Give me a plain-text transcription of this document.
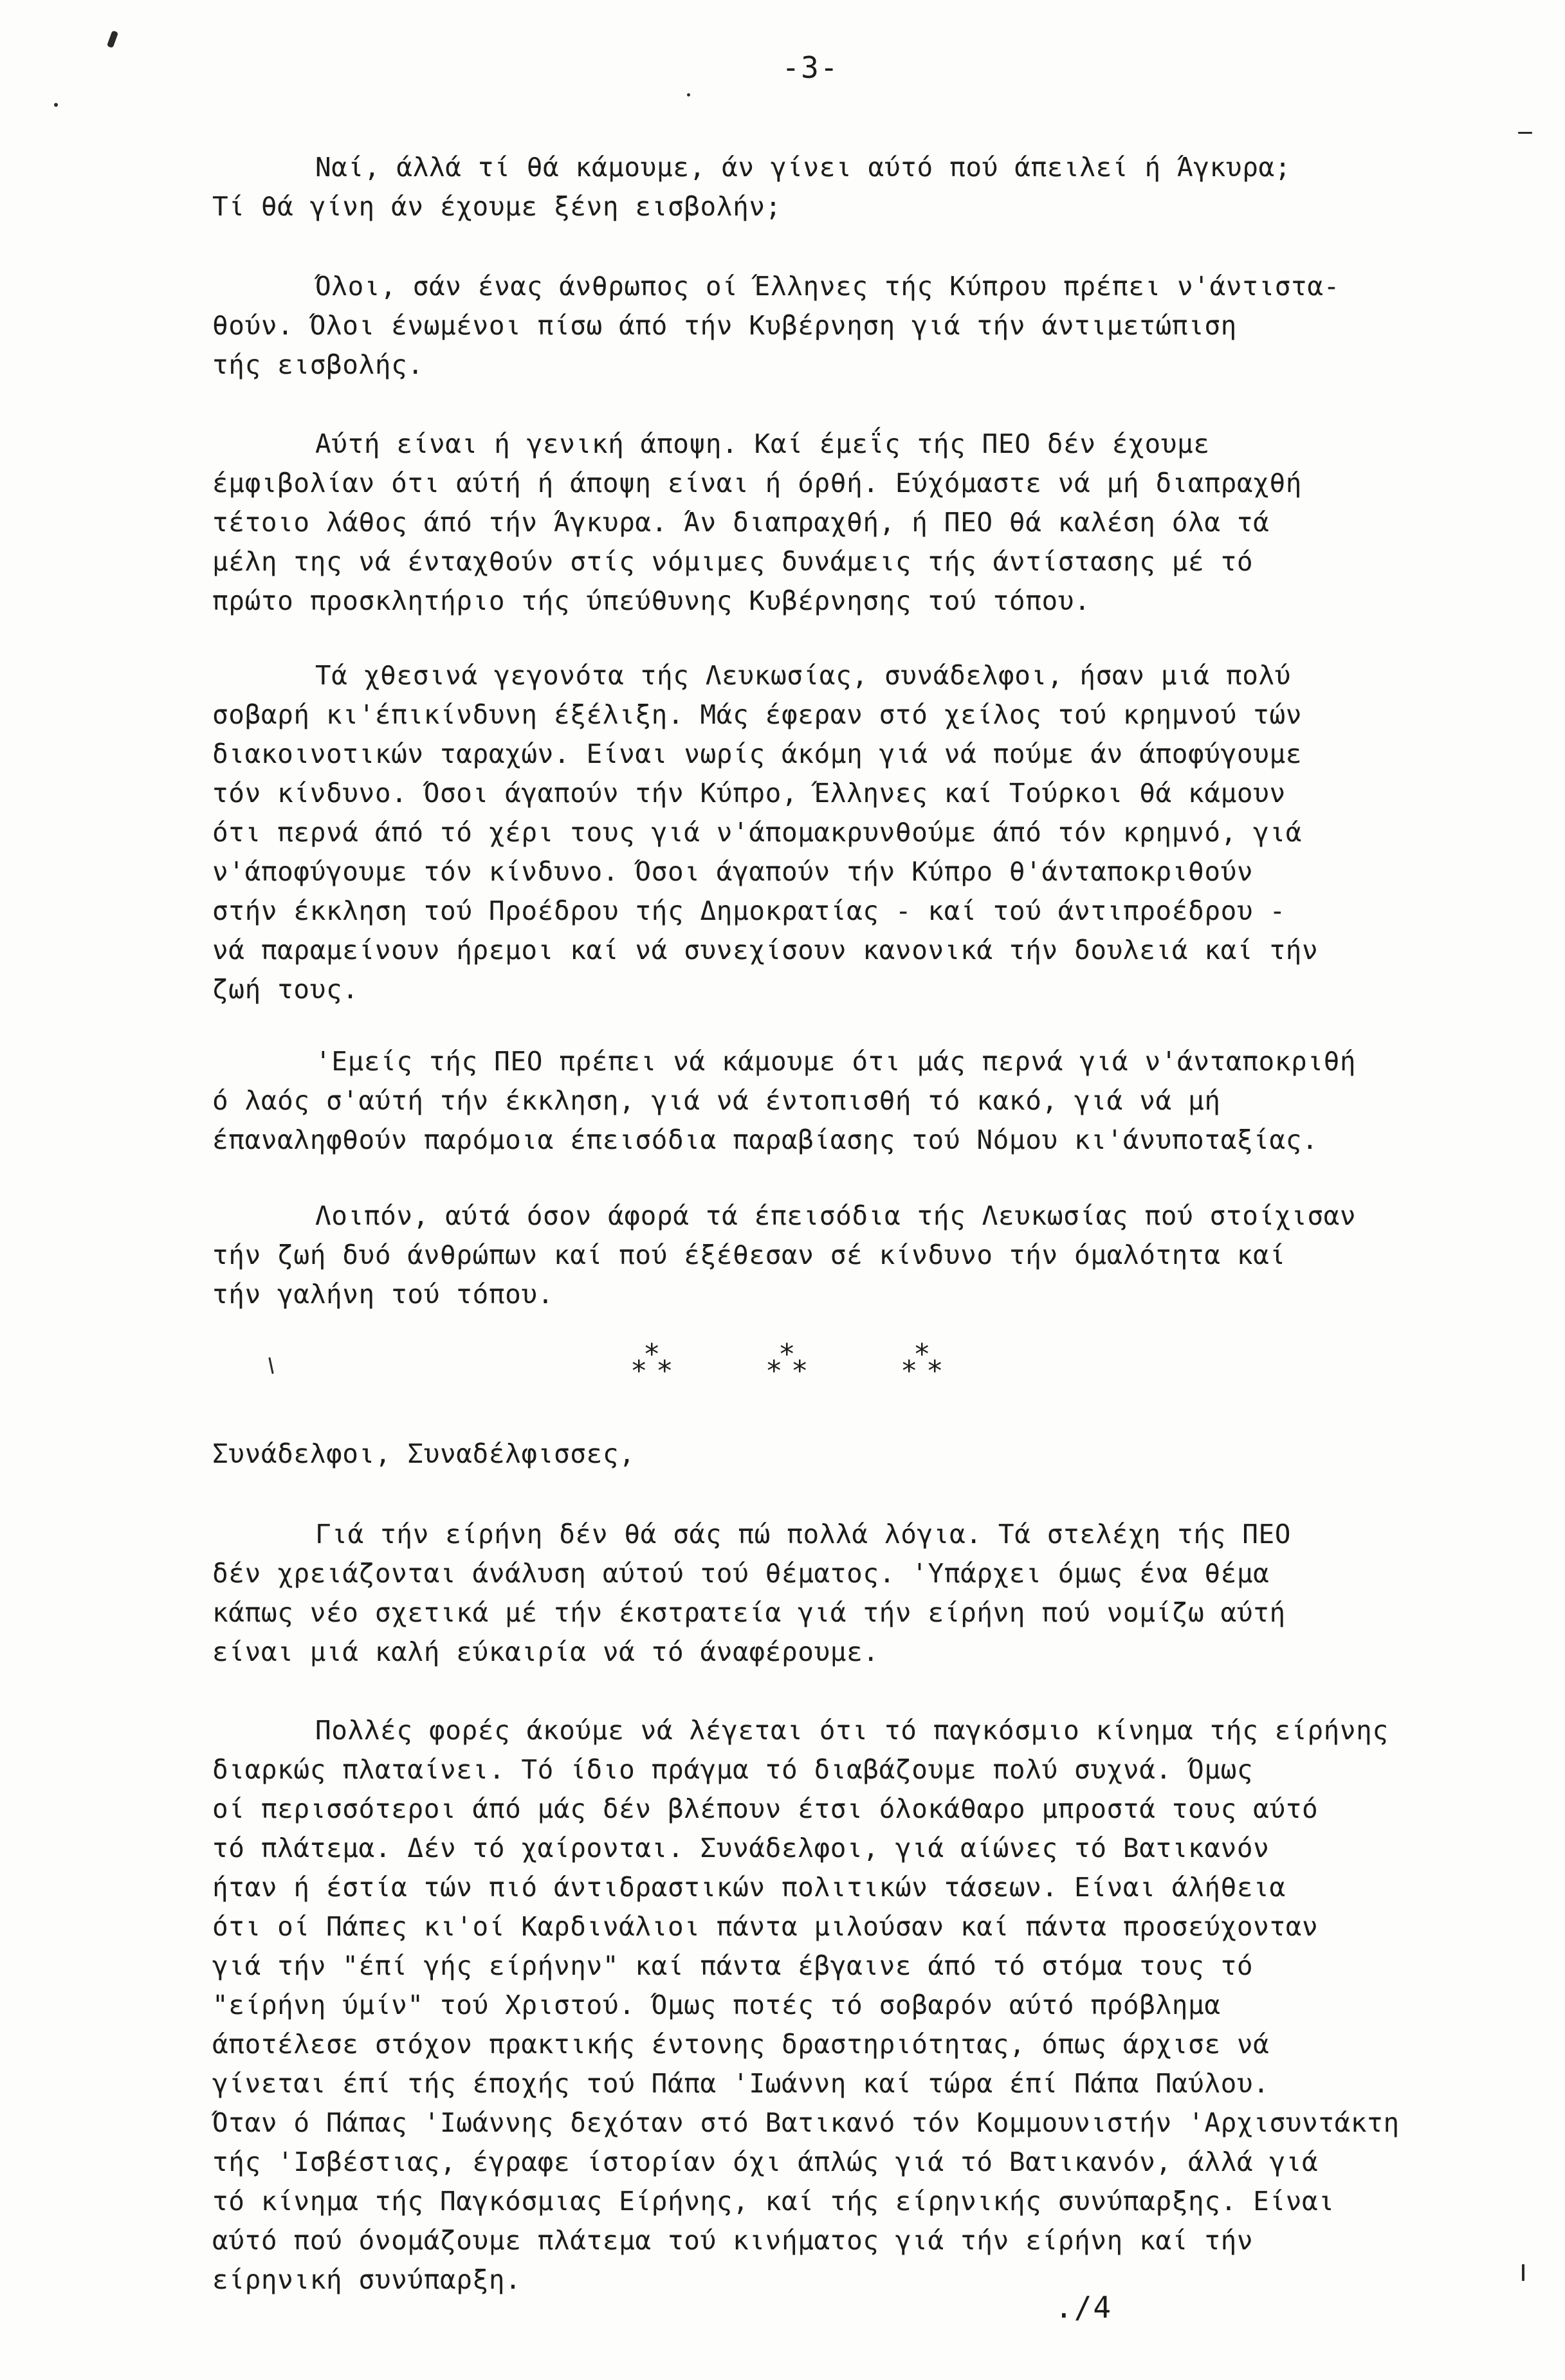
-3-
Ναί, άλλά τί θά κάμουμε, άν γίνει αύτό πού άπειλεί ή Άγκυρα;
Τί θά γίνη άν έχουμε ξένη εισβολήν;
Όλοι, σάν ένας άνθρωπος οί Έλληνες τής Κύπρου πρέπει ν'άντιστα-
θούν. Όλοι ένωμένοι πίσω άπό τήν Κυβέρνηση γιά τήν άντιμετώπιση
τής εισβολής.
Αύτή είναι ή γενική άποψη. Καί έμεΐς τής ΠΕΟ δέν έχουμε
έμφιβολίαν ότι αύτή ή άποψη είναι ή όρθή. Εύχόμαστε νά μή διαπραχθή
τέτοιο λάθος άπό τήν Άγκυρα. Άν διαπραχθή, ή ΠΕΟ θά καλέση όλα τά
μέλη της νά ένταχθούν στίς νόμιμες δυνάμεις τής άντίστασης μέ τό
πρώτο προσκλητήριο τής ύπεύθυνης Κυβέρνησης τού τόπου.
Τά χθεσινά γεγονότα τής Λευκωσίας, συνάδελφοι, ήσαν μιά πολύ
σοβαρή κι'έπικίνδυνη έξέλιξη. Μάς έφεραν στό χείλος τού κρημνού τών
διακοινοτικών ταραχών. Είναι νωρίς άκόμη γιά νά πούμε άν άποφύγουμε
τόν κίνδυνο. Όσοι άγαπούν τήν Κύπρο, Έλληνες καί Τούρκοι θά κάμουν
ότι περνά άπό τό χέρι τους γιά ν'άπομακρυνθούμε άπό τόν κρημνό, γιά
ν'άποφύγουμε τόν κίνδυνο. Όσοι άγαπούν τήν Κύπρο θ'άνταποκριθούν
στήν έκκληση τού Προέδρου τής Δημοκρατίας - καί τού άντιπροέδρου -
νά παραμείνουν ήρεμοι καί νά συνεχίσουν κανονικά τήν δουλειά καί τήν
ζωή τους.
'Εμείς τής ΠΕΟ πρέπει νά κάμουμε ότι μάς περνά γιά ν'άνταποκριθή
ό λαός σ'αύτή τήν έκκληση, γιά νά έντοπισθή τό κακό, γιά νά μή
έπαναληφθούν παρόμοια έπεισόδια παραβίασης τού Νόμου κι'άνυποταξίας.
Λοιπόν, αύτά όσον άφορά τά έπεισόδια τής Λευκωσίας πού στοίχισαν
τήν ζωή δυό άνθρώπων καί πού έξέθεσαν σέ κίνδυνο τήν όμαλότητα καί
τήν γαλήνη τού τόπου.
*
* *
*
* *
*
* *
Συνάδελφοι, Συναδέλφισσες,
Γιά τήν είρήνη δέν θά σάς πώ πολλά λόγια. Τά στελέχη τής ΠΕΟ
δέν χρειάζονται άνάλυση αύτού τού θέματος. 'Υπάρχει όμως ένα θέμα
κάπως νέο σχετικά μέ τήν έκστρατεία γιά τήν είρήνη πού νομίζω αύτή
είναι μιά καλή εύκαιρία νά τό άναφέρουμε.
Πολλές φορές άκούμε νά λέγεται ότι τό παγκόσμιο κίνημα τής είρήνης
διαρκώς πλαταίνει. Τό ίδιο πράγμα τό διαβάζουμε πολύ συχνά. Όμως
οί περισσότεροι άπό μάς δέν βλέπουν έτσι όλοκάθαρο μπροστά τους αύτό
τό πλάτεμα. Δέν τό χαίρονται. Συνάδελφοι, γιά αίώνες τό Βατικανόν
ήταν ή έστία τών πιό άντιδραστικών πολιτικών τάσεων. Είναι άλήθεια
ότι οί Πάπες κι'οί Καρδινάλιοι πάντα μιλούσαν καί πάντα προσεύχονταν
γιά τήν "έπί γής είρήνην" καί πάντα έβγαινε άπό τό στόμα τους τό
"είρήνη ύμίν" τού Χριστού. Όμως ποτές τό σοβαρόν αύτό πρόβλημα
άποτέλεσε στόχον πρακτικής έντονης δραστηριότητας, όπως άρχισε νά
γίνεται έπί τής έποχής τού Πάπα 'Ιωάννη καί τώρα έπί Πάπα Παύλου.
Όταν ό Πάπας 'Ιωάννης δεχόταν στό Βατικανό τόν Κομμουνιστήν 'Αρχισυντάκτη
τής 'Ισβέστιας, έγραφε ίστορίαν όχι άπλώς γιά τό Βατικανόν, άλλά γιά
τό κίνημα τής Παγκόσμιας Είρήνης, καί τής είρηνικής συνύπαρξης. Είναι
αύτό πού όνομάζουμε πλάτεμα τού κινήματος γιά τήν είρήνη καί τήν
είρηνική συνύπαρξη.
./4
